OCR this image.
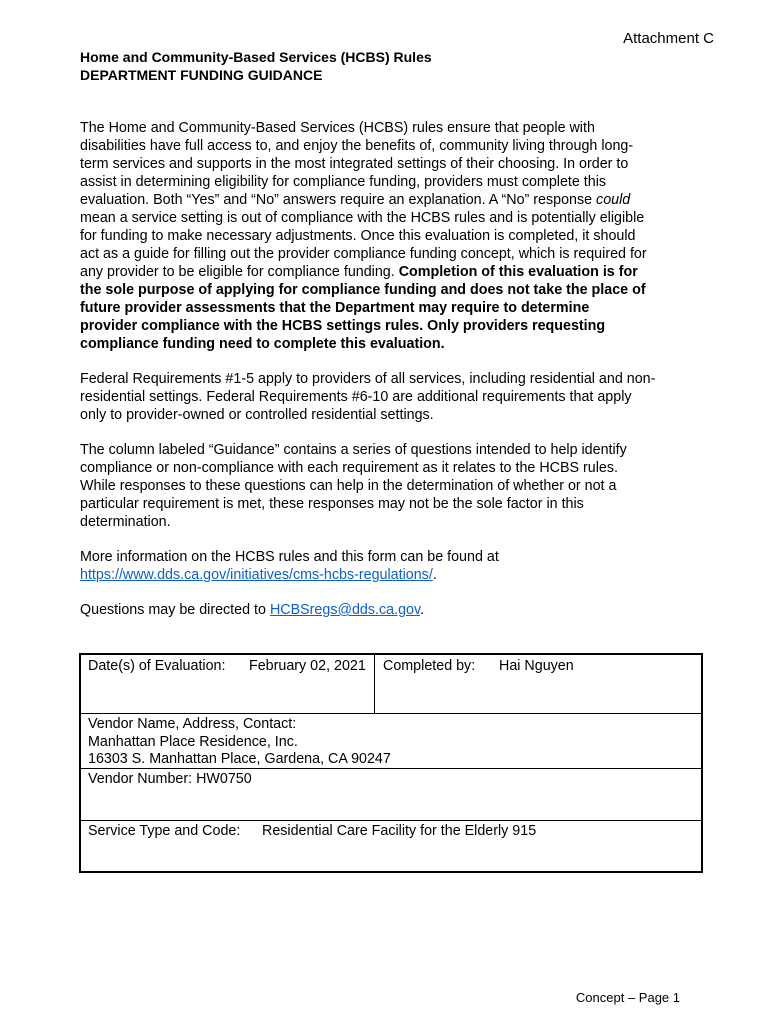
Attachment C
Home and Community-Based Services (HCBS) Rules
DEPARTMENT FUNDING GUIDANCE

The Home and Community-Based Services (HCBS) rules ensure that people with
disabilities have full access to, and enjoy the benefits of, community living through long-
term services and supports in the most integrated settings of their choosing. In order to
assist in determining eligibility for compliance funding, providers must complete this
evaluation. Both “Yes” and “No” answers require an explanation. A “No” response could
mean a service setting is out of compliance with the HCBS rules and is potentially eligible
for funding to make necessary adjustments. Once this evaluation is completed, it should
act as a guide for filling out the provider compliance funding concept, which is required for
any provider to be eligible for compliance funding. Completion of this evaluation is for
the sole purpose of applying for compliance funding and does not take the place of
future provider assessments that the Department may require to determine
provider compliance with the HCBS settings rules. Only providers requesting
compliance funding need to complete this evaluation.

Federal Requirements #1-5 apply to providers of all services, including residential and non-
residential settings. Federal Requirements #6-10 are additional requirements that apply
only to provider-owned or controlled residential settings.

The column labeled “Guidance” contains a series of questions intended to help identify
compliance or non-compliance with each requirement as it relates to the HCBS rules.
While responses to these questions can help in the determination of whether or not a
particular requirement is met, these responses may not be the sole factor in this
determination.

More information on the HCBS rules and this form can be found at
https://www.dds.ca.gov/initiatives/cms-hcbs-regulations/.

Questions may be directed to HCBSregs@dds.ca.gov.

Date(s) of Evaluation: February 02, 2021 Completed by: Hai Nguyen
Vendor Name, Address, Contact:
Manhattan Place Residence, Inc.
16303 S. Manhattan Place, Gardena, CA 90247
Vendor Number: HW0750
Service Type and Code: Residential Care Facility for the Elderly 915
Concept – Page 1
